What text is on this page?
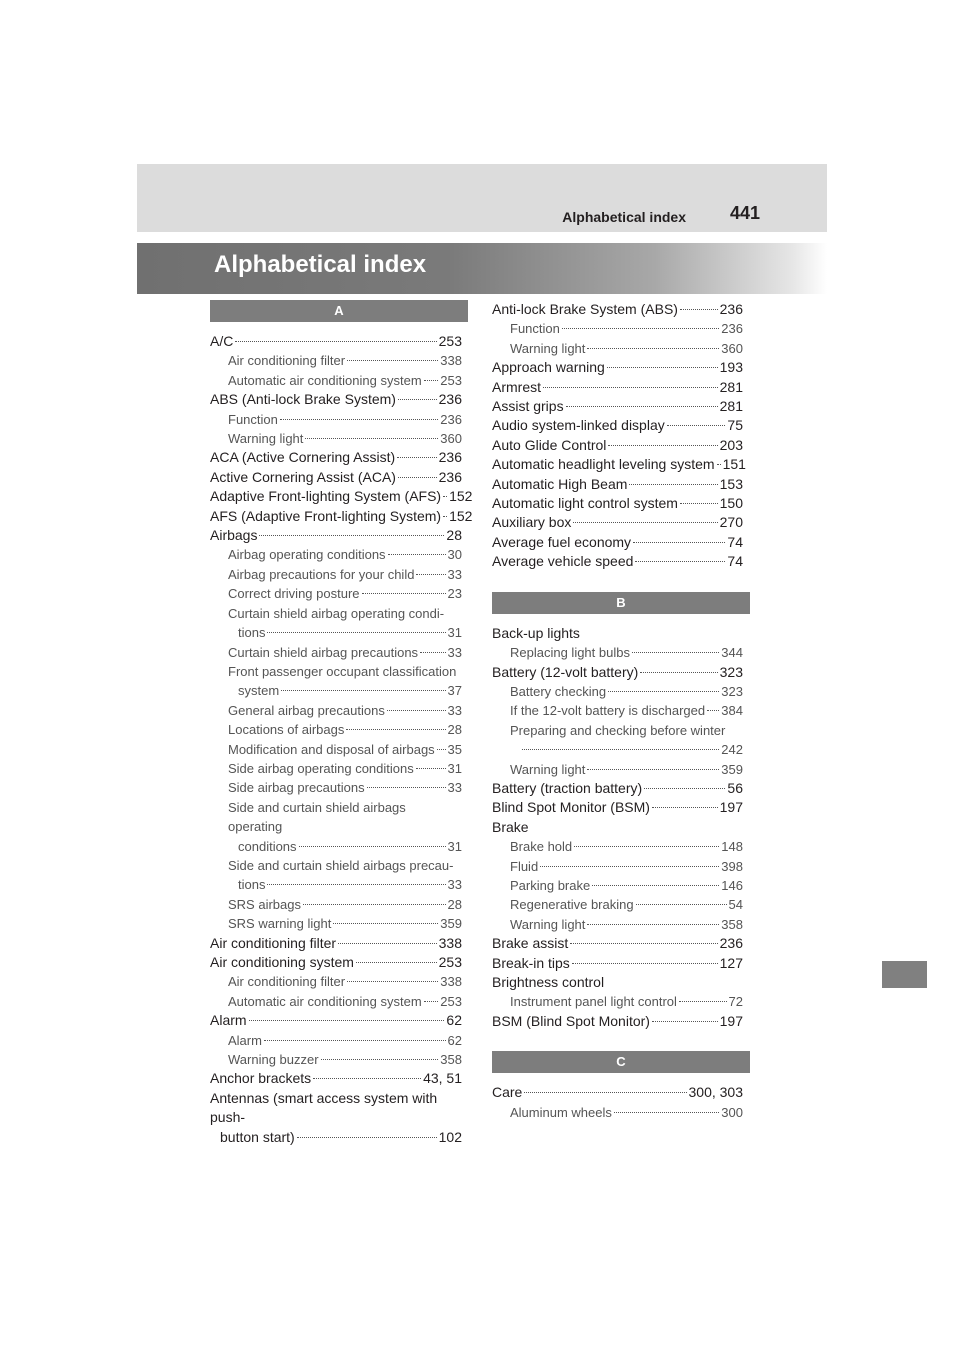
Alphabetical index 441
Alphabetical index
A
A/C	253
Air conditioning filter	338
Automatic air conditioning system 253
ABS (Anti-lock Brake System)	236
Function	236
Warning light	360
ACA (Active Cornering Assist)	236
Active Cornering Assist (ACA)	236
Adaptive Front-lighting System (AFS) 152
AFS (Adaptive Front-lighting System) 152
Airbags	28
Airbag operating conditions	30
Airbag precautions for your child	33
Correct driving posture	23
Curtain shield airbag operating condi-
tions	31
Curtain shield airbag precautions 33
Front passenger occupant classification
system	37
General airbag precautions	33
Locations of airbags	28
Modification and disposal of airbags 35
Side airbag operating conditions	31
Side airbag precautions	33
Side and curtain shield airbags operating
conditions	31
Side and curtain shield airbags precau-
tions	33
SRS airbags	28
SRS warning light	359
Air conditioning filter	338
Air conditioning system	253
Air conditioning filter	338
Automatic air conditioning system 253
Alarm	62
Alarm	62
Warning buzzer	358
Anchor brackets	43, 51
Antennas (smart access system with push-
button start)	102
Anti-lock Brake System (ABS)	236
Function	236
Warning light	360
Approach warning	193
Armrest	281
Assist grips	281
Audio system-linked display	75
Auto Glide Control	203
Automatic headlight leveling system 151
Automatic High Beam	153
Automatic light control system	150
Auxiliary box	270
Average fuel economy	74
Average vehicle speed	74
B
Back-up lights
Replacing light bulbs	344
Battery (12-volt battery)	323
Battery checking	323
If the 12-volt battery is discharged 384
Preparing and checking before winter
242
Warning light	359
Battery (traction battery)	56
Blind Spot Monitor (BSM)	197
Brake
Brake hold	148
Fluid	398
Parking brake	146
Regenerative braking	54
Warning light	358
Brake assist	236
Break-in tips	127
Brightness control
Instrument panel light control	72
BSM (Blind Spot Monitor)	197
C
Care	300, 303
Aluminum wheels	300
